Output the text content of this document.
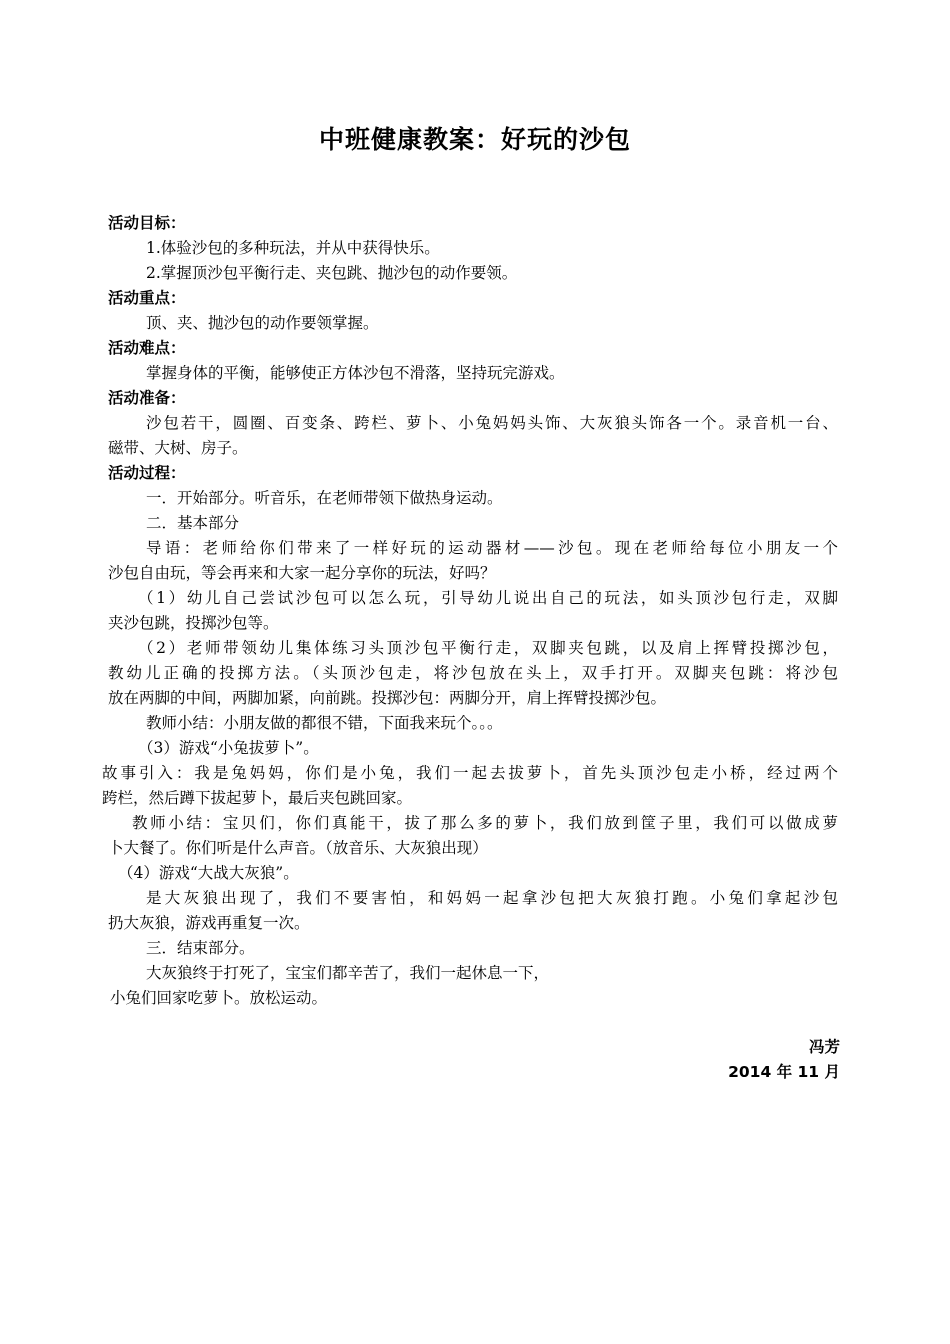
中班健康教案：好玩的沙包
活动目标：
1.体验沙包的多种玩法，并从中获得快乐。
2.掌握顶沙包平衡行走、夹包跳、抛沙包的动作要领。
活动重点：
顶、夹、抛沙包的动作要领掌握。
活动难点：
掌握身体的平衡，能够使正方体沙包不滑落，坚持玩完游戏。
活动准备：
沙包若干，圆圈、百变条、跨栏、萝卜、小兔妈妈头饰、大灰狼头饰各一个。录音机一台、
磁带、大树、房子。
活动过程：
一．开始部分。听音乐，在老师带领下做热身运动。
二．基本部分
导语：老师给你们带来了一样好玩的运动器材——沙包。现在老师给每位小朋友一个
沙包自由玩，等会再来和大家一起分享你的玩法，好吗？
（1）幼儿自己尝试沙包可以怎么玩，引导幼儿说出自己的玩法，如头顶沙包行走，双脚
夹沙包跳，投掷沙包等。
（2）老师带领幼儿集体练习头顶沙包平衡行走，双脚夹包跳，以及肩上挥臂投掷沙包，
教幼儿正确的投掷方法。（头顶沙包走，将沙包放在头上，双手打开。双脚夹包跳：将沙包
放在两脚的中间，两脚加紧，向前跳。投掷沙包：两脚分开，肩上挥臂投掷沙包。
教师小结：小朋友做的都很不错，下面我来玩个。。。
（3）游戏“小兔拔萝卜”。
故事引入：我是兔妈妈，你们是小兔，我们一起去拔萝卜，首先头顶沙包走小桥，经过两个
跨栏，然后蹲下拔起萝卜，最后夹包跳回家。
教师小结：宝贝们，你们真能干，拔了那么多的萝卜，我们放到筐子里，我们可以做成萝
卜大餐了。你们听是什么声音。（放音乐、大灰狼出现）
（4）游戏“大战大灰狼”。
是大灰狼出现了，我们不要害怕，和妈妈一起拿沙包把大灰狼打跑。小兔们拿起沙包
扔大灰狼，游戏再重复一次。
三．结束部分。
大灰狼终于打死了，宝宝们都辛苦了，我们一起休息一下，
小兔们回家吃萝卜。放松运动。
冯芳
2014 年 11 月
